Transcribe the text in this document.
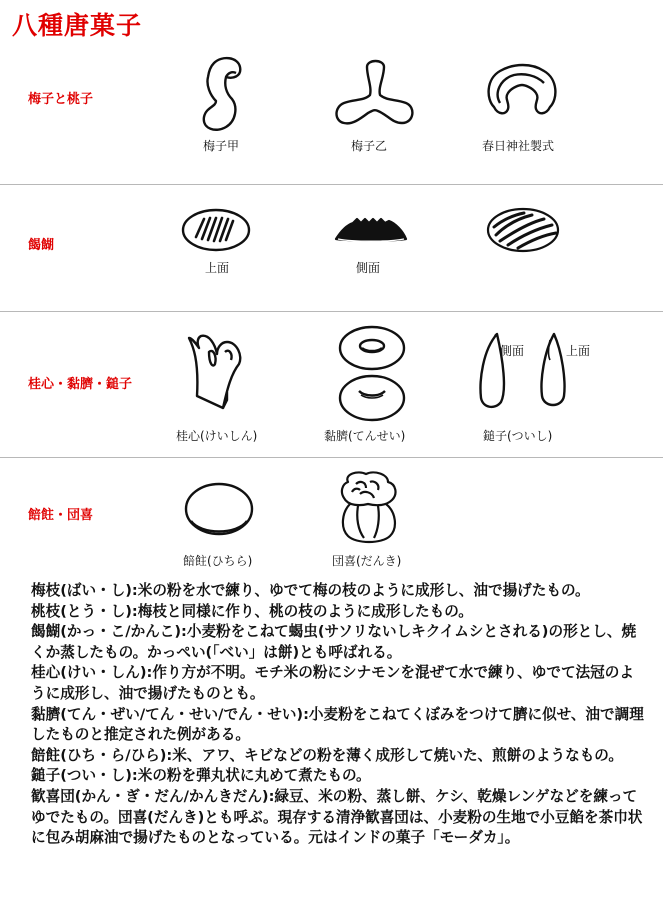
八種唐菓子
梅子と桃子
梅子甲	梅子乙	春日神社製式
餲餬
上面	側面
桂心・黏臍・鎚子
桂心(けいしん)	黏臍(てんせい)
側面	上面
鎚子(ついし)
餢飳・団喜
餢飳(ひちら)	団喜(だんき)

梅枝(ばい・し):米の粉を水で練り、ゆでて梅の枝のように成形し、油で揚げたもの。

桃枝(とう・し):梅枝と同様に作り、桃の枝のように成形したもの。

餲餬(かっ・こ/かんこ):小麦粉をこねて蝎虫(サソリないしキクイムシとされる)の形とし、焼くか蒸したもの。かっぺい(「べい」は餅)とも呼ばれる。

桂心(けい・しん):作り方が不明。モチ米の粉にシナモンを混ぜて水で練り、ゆでて法冠のように成形し、油で揚げたものとも。

黏臍(てん・ぜい/てん・せい/でん・せい):小麦粉をこねてくぼみをつけて臍に似せ、油で調理したものと推定された例がある。

餢飳(ひち・ら/ひら):米、アワ、キビなどの粉を薄く成形して焼いた、煎餅のようなもの。

鎚子(つい・し):米の粉を弾丸状に丸めて煮たもの。

歓喜団(かん・ぎ・だん/かんきだん):緑豆、米の粉、蒸し餅、ケシ、乾燥レンゲなどを練ってゆでたもの。団喜(だんき)とも呼ぶ。現存する清浄歓喜団は、小麦粉の生地で小豆餡を茶巾状に包み胡麻油で揚げたものとなっている。元はインドの菓子「モーダカ」。
